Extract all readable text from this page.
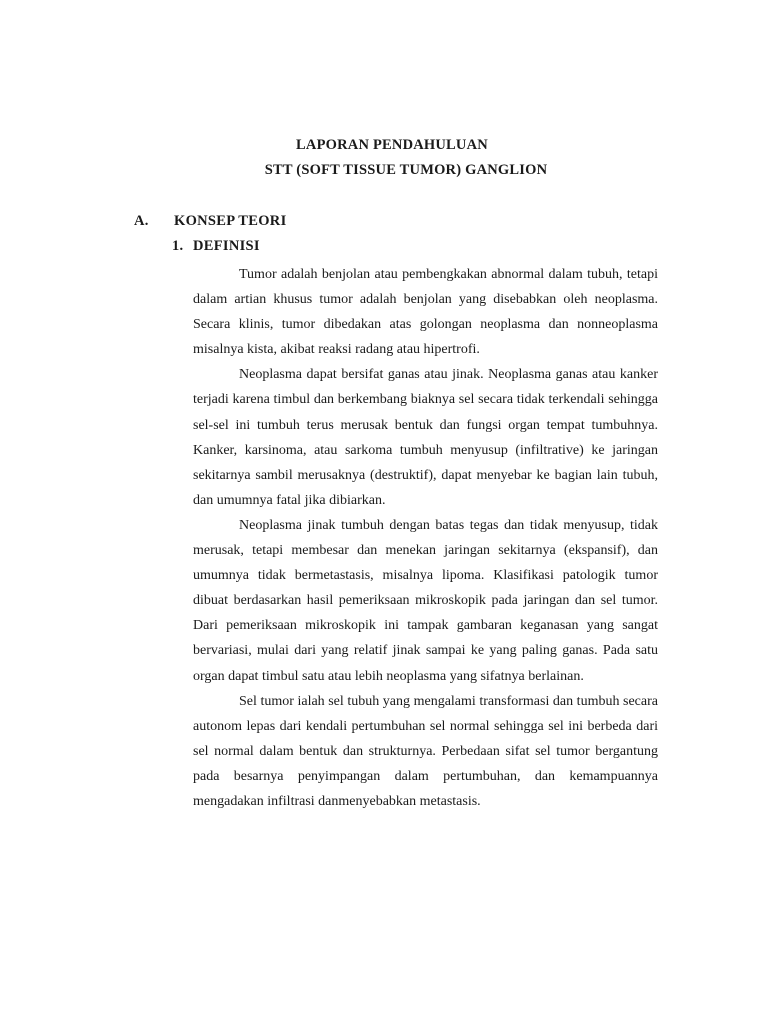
LAPORAN PENDAHULUAN
STT (SOFT TISSUE TUMOR) GANGLION
A. KONSEP TEORI
1. DEFINISI

Tumor adalah benjolan atau pembengkakan abnormal dalam tubuh, tetapi dalam artian khusus tumor adalah benjolan yang disebabkan oleh neoplasma. Secara klinis, tumor dibedakan atas golongan neoplasma dan nonneoplasma misalnya kista, akibat reaksi radang atau hipertrofi.

Neoplasma dapat bersifat ganas atau jinak. Neoplasma ganas atau kanker terjadi karena timbul dan berkembang biaknya sel secara tidak terkendali sehingga sel-sel ini tumbuh terus merusak bentuk dan fungsi organ tempat tumbuhnya. Kanker, karsinoma, atau sarkoma tumbuh menyusup (infiltrative) ke jaringan sekitarnya sambil merusaknya (destruktif), dapat menyebar ke bagian lain tubuh, dan umumnya fatal jika dibiarkan.

Neoplasma jinak tumbuh dengan batas tegas dan tidak menyusup, tidak merusak, tetapi membesar dan menekan jaringan sekitarnya (ekspansif), dan umumnya tidak bermetastasis, misalnya lipoma. Klasifikasi patologik tumor dibuat berdasarkan hasil pemeriksaan mikroskopik pada jaringan dan sel tumor. Dari pemeriksaan mikroskopik ini tampak gambaran keganasan yang sangat bervariasi, mulai dari yang relatif jinak sampai ke yang paling ganas. Pada satu organ dapat timbul satu atau lebih neoplasma yang sifatnya berlainan.

Sel tumor ialah sel tubuh yang mengalami transformasi dan tumbuh secara autonom lepas dari kendali pertumbuhan sel normal sehingga sel ini berbeda dari sel normal dalam bentuk dan strukturnya. Perbedaan sifat sel tumor bergantung pada besarnya penyimpangan dalam pertumbuhan, dan kemampuannya mengadakan infiltrasi danmenyebabkan metastasis.
